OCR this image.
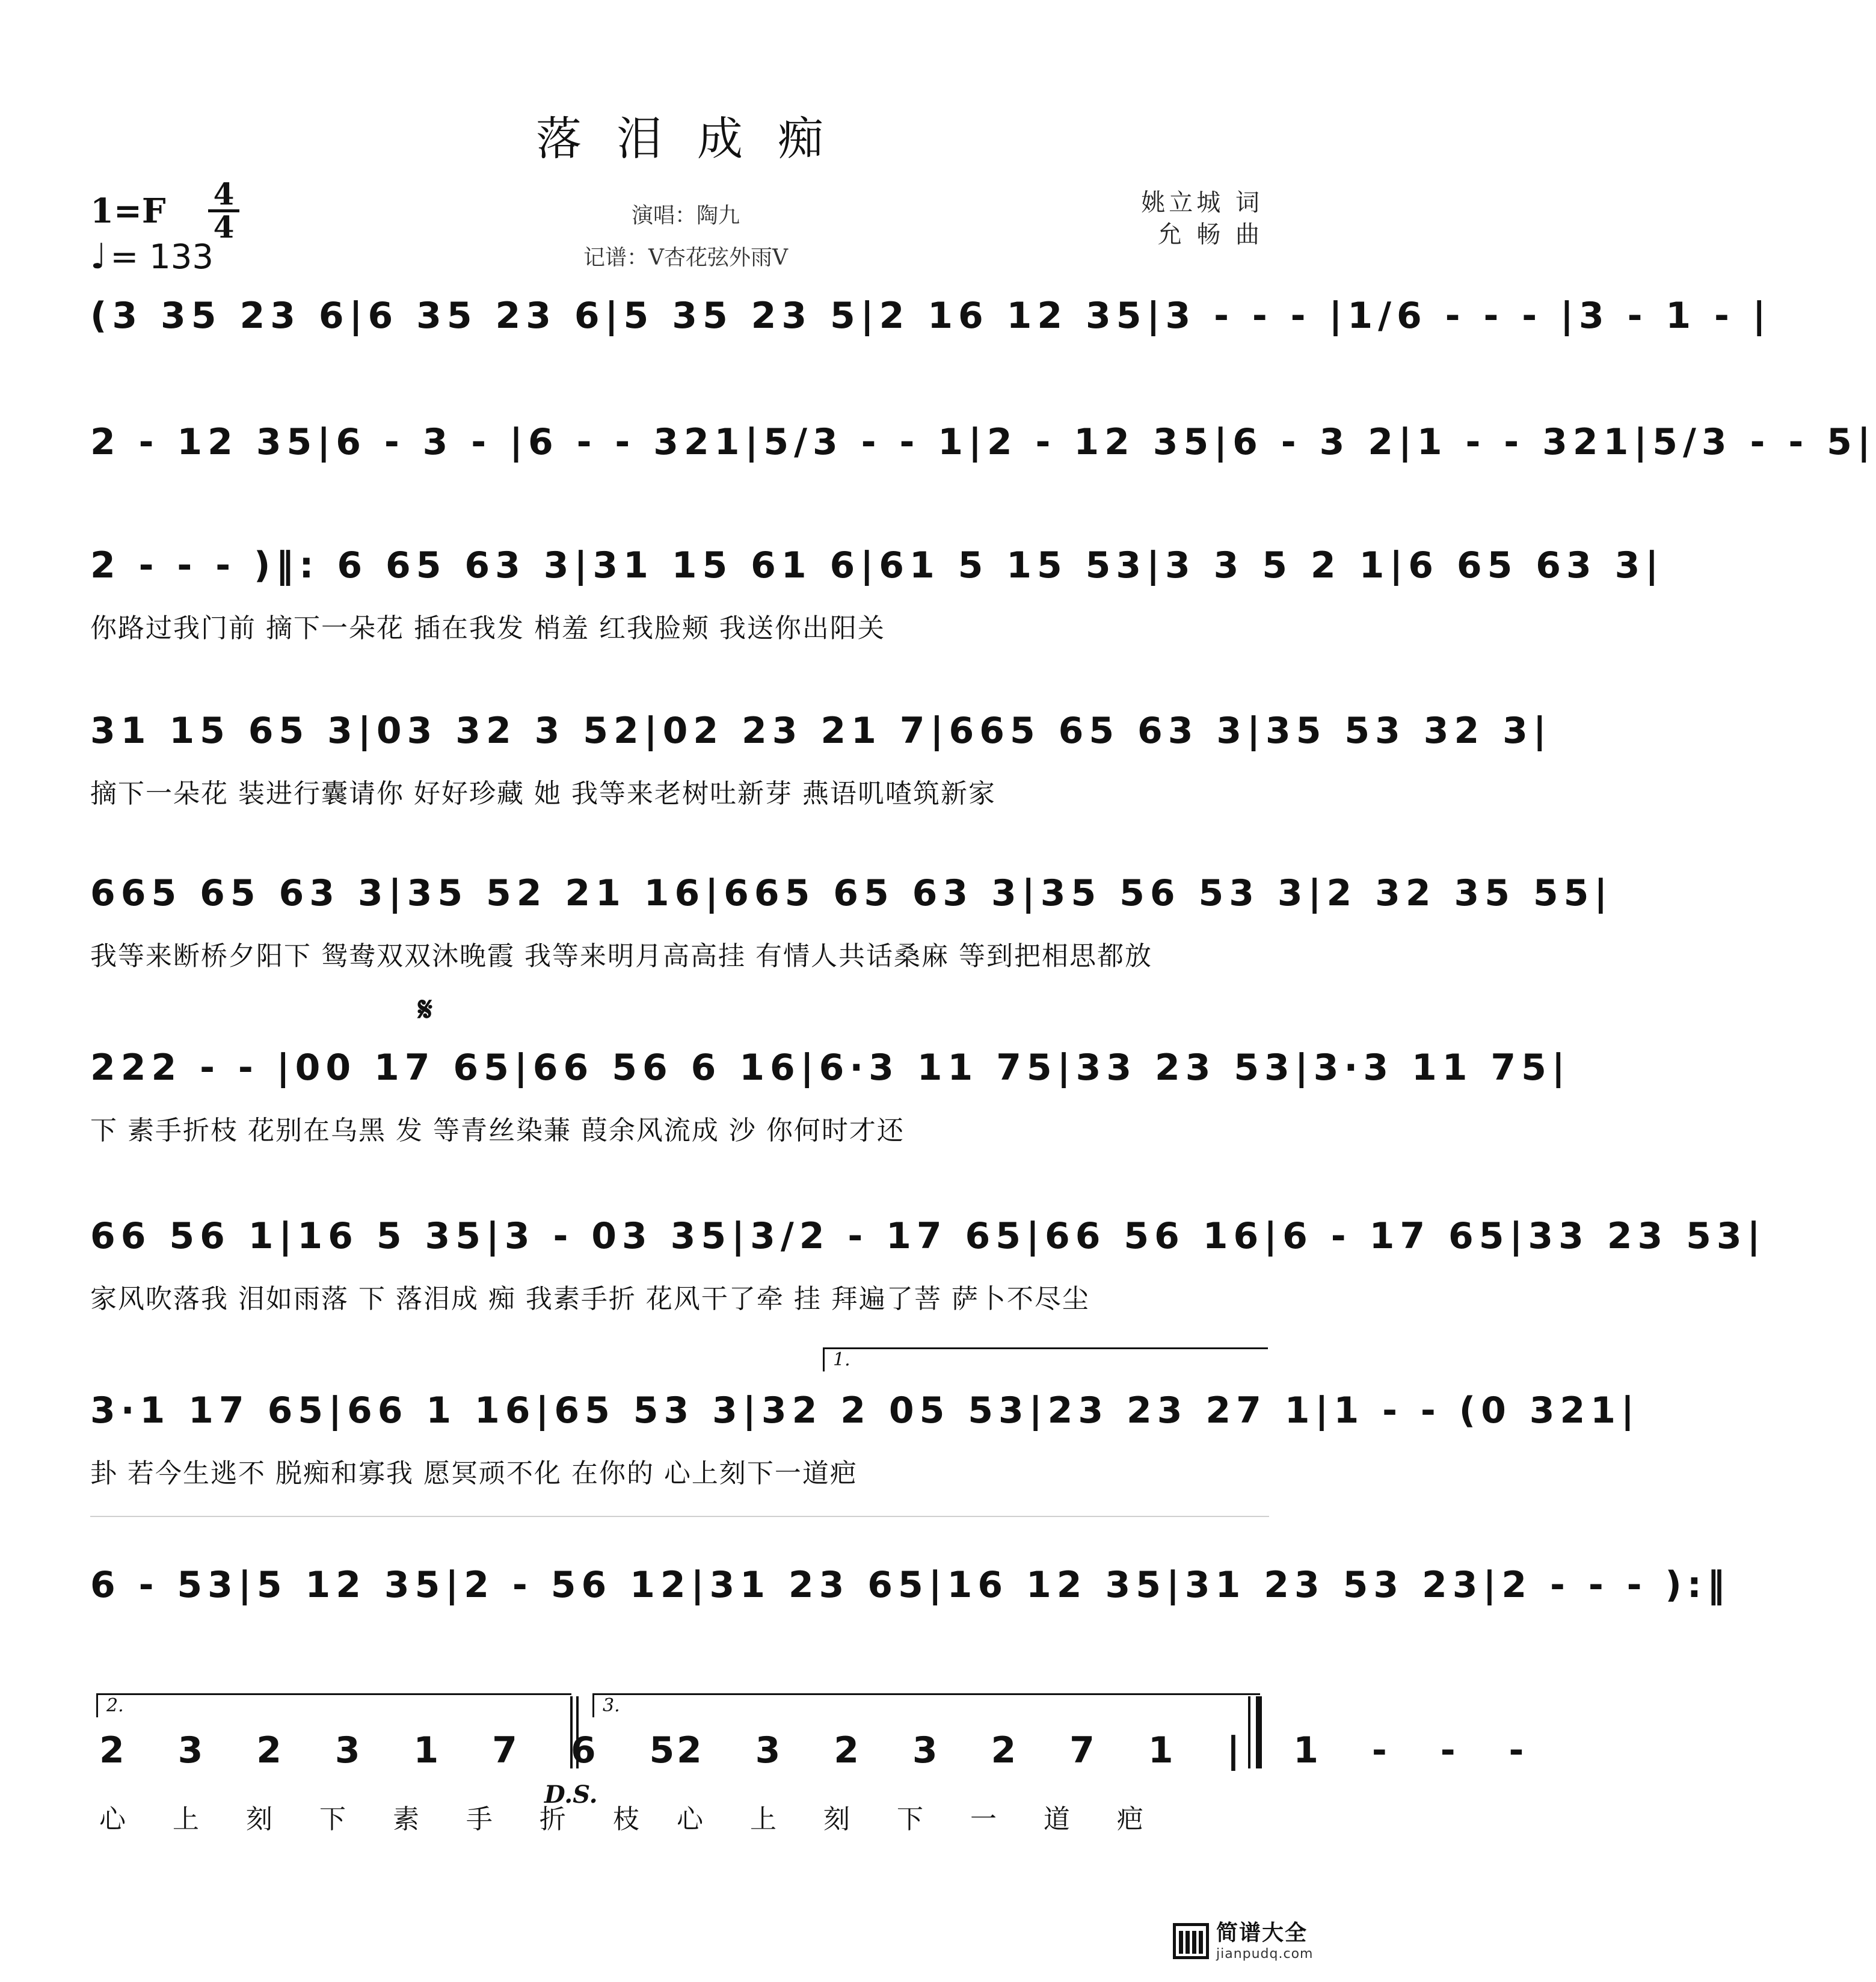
落泪成痴
1=F 4
4
♩ = 133
演唱：陶九
记谱：V杏花弦外雨V
姚立城 词
允 畅 曲
(3 35 23 6|6 35 23 6|5 35 23 5|2 16 12 35|3 - - - |1/6 - - - |3 - 1 - |
2 - 12 35|6 - 3 - |6 - - 321|5/3 - - 1|2 - 12 35|6 - 3 2|1 - - 321|5/3 - - 5|
2 - - - )‖: 6 65 63 3|31 15 61 6|61 5 15 53|3 3 5 2 1|6 65 63 3|
你路过我门前 摘下一朵花 插在我发 梢羞 红我脸颊 我送你出阳关
31 15 65 3|03 32 3 52|02 23 21 7|665 65 63 3|35 53 32 3|
摘下一朵花 装进行囊请你 好好珍藏 她 我等来老树吐新芽 燕语叽喳筑新家
665 65 63 3|35 52 21 16|665 65 63 3|35 56 53 3|2 32 35 55|
我等来断桥夕阳下 鸳鸯双双沐晚霞 我等来明月高高挂 有情人共话桑麻 等到把相思都放
𝄋
222 - - |00 17 65|66 56 6 16|6·3 11 75|33 23 53|3·3 11 75|
下 素手折枝 花别在乌黑 发 等青丝染蒹 葭余风流成 沙 你何时才还
66 56 1|16 5 35|3 - 03 35|3/2 - 17 65|66 56 16|6 - 17 65|33 23 53|
家风吹落我 泪如雨落 下 落泪成 痴 我素手折 花风干了牵 挂 拜遍了菩 萨卜不尽尘
1.
3·1 17 65|66 1 16|65 53 3|32 2 05 53|23 23 27 1|1 - - (0 321|
卦 若今生逃不 脱痴和寡我 愿冥顽不化 在你的 心上刻下一道疤
6 - 53|5 12 35|2 - 56 12|31 23 65|16 12 35|31 23 53 23|2 - - - ):‖
2.	3.
2 3 2 3 1 7 6 5
心 上 刻 下 素 手 折 枝
D.S.
2 3 2 3 2 7 1 | 1 - - -
心 上 刻 下 一 道 疤
简谱大全
jianpudq.com
